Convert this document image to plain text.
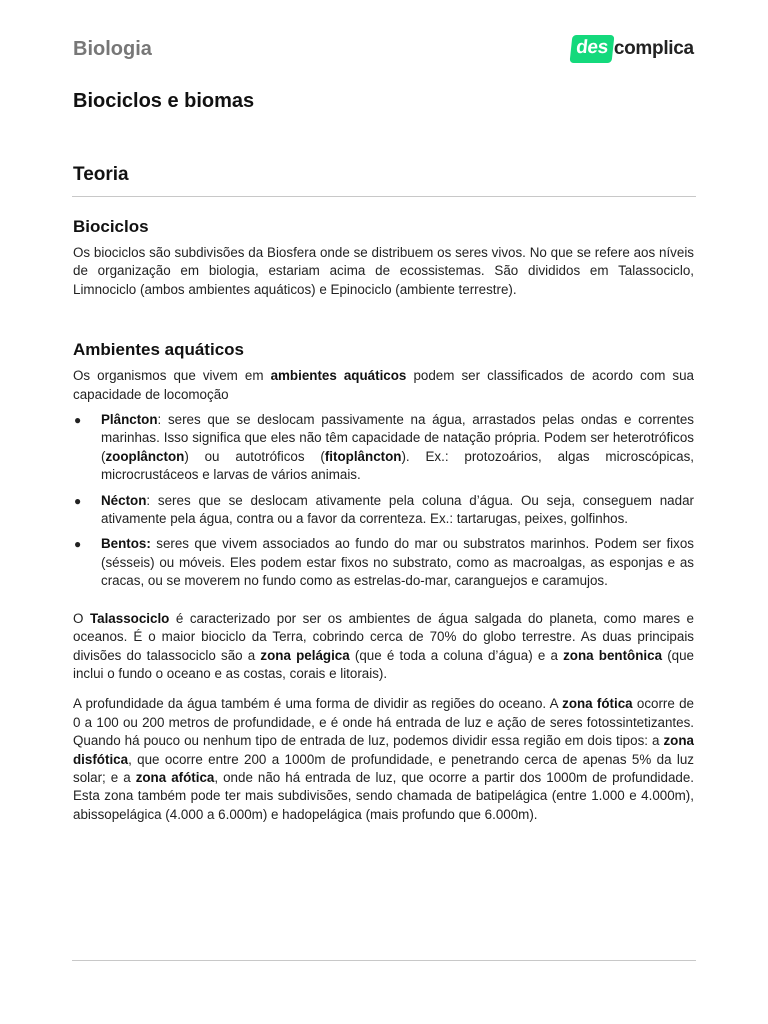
Biologia	des complica
Biociclos e biomas
Teoria
Biociclos

Os biociclos são subdivisões da Biosfera onde se distribuem os seres vivos. No que se refere aos níveis de organização em biologia, estariam acima de ecossistemas. São divididos em Talassociclo, Limnociclo (ambos ambientes aquáticos) e Epinociclo (ambiente terrestre).

Ambientes aquáticos

Os organismos que vivem em ambientes aquáticos podem ser classificados de acordo com sua capacidade de locomoção

● Plâncton: seres que se deslocam passivamente na água, arrastados pelas ondas e correntes marinhas. Isso significa que eles não têm capacidade de natação própria. Podem ser heterotróficos (zooplâncton) ou autotróficos (fitoplâncton). Ex.: protozoários, algas microscópicas, microcrustáceos e larvas de vários animais.
● Nécton: seres que se deslocam ativamente pela coluna d’água. Ou seja, conseguem nadar ativamente pela água, contra ou a favor da correnteza. Ex.: tartarugas, peixes, golfinhos.
● Bentos: seres que vivem associados ao fundo do mar ou substratos marinhos. Podem ser fixos (sésseis) ou móveis. Eles podem estar fixos no substrato, como as macroalgas, as esponjas e as cracas, ou se moverem no fundo como as estrelas-do-mar, caranguejos e caramujos.

O Talassociclo é caracterizado por ser os ambientes de água salgada do planeta, como mares e oceanos. É o maior biociclo da Terra, cobrindo cerca de 70% do globo terrestre. As duas principais divisões do talassociclo são a zona pelágica (que é toda a coluna d’água) e a zona bentônica (que inclui o fundo o oceano e as costas, corais e litorais).

A profundidade da água também é uma forma de dividir as regiões do oceano. A zona fótica ocorre de 0 a 100 ou 200 metros de profundidade, e é onde há entrada de luz e ação de seres fotossintetizantes. Quando há pouco ou nenhum tipo de entrada de luz, podemos dividir essa região em dois tipos: a zona disfótica, que ocorre entre 200 a 1000m de profundidade, e penetrando cerca de apenas 5% da luz solar; e a zona afótica, onde não há entrada de luz, que ocorre a partir dos 1000m de profundidade. Esta zona também pode ter mais subdivisões, sendo chamada de batipelágica (entre 1.000 e 4.000m), abissopelágica (4.000 a 6.000m) e hadopelágica (mais profundo que 6.000m).
